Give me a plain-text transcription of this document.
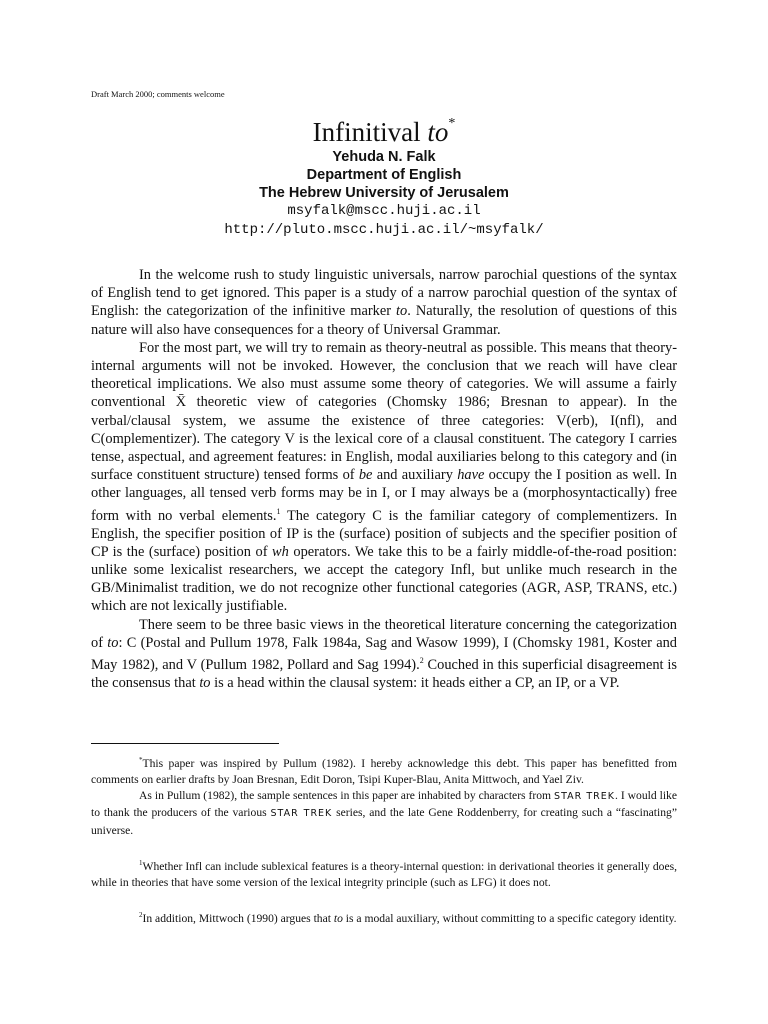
Draft March 2000; comments welcome
Infinitival to*
Yehuda N. Falk
Department of English
The Hebrew University of Jerusalem
msyfalk@mscc.huji.ac.il
http://pluto.mscc.huji.ac.il/~msyfalk/

In the welcome rush to study linguistic universals, narrow parochial questions of the syntax of English tend to get ignored. This paper is a study of a narrow parochial question of the syntax of English: the categorization of the infinitive marker to. Naturally, the resolution of questions of this nature will also have consequences for a theory of Universal Grammar.

For the most part, we will try to remain as theory-neutral as possible. This means that theory-internal arguments will not be invoked. However, the conclusion that we reach will have clear theoretical implications. We also must assume some theory of categories. We will assume a fairly conventional X̄ theoretic view of categories (Chomsky 1986; Bresnan to appear). In the verbal/clausal system, we assume the existence of three categories: V(erb), I(nfl), and C(omplementizer). The category V is the lexical core of a clausal constituent. The category I carries tense, aspectual, and agreement features: in English, modal auxiliaries belong to this category and (in surface constituent structure) tensed forms of be and auxiliary have occupy the I position as well. In other languages, all tensed verb forms may be in I, or I may always be a (morphosyntactically) free form with no verbal elements.$^1$ The category C is the familiar category of complementizers. In English, the specifier position of IP is the (surface) position of subjects and the specifier position of CP is the (surface) position of wh operators. We take this to be a fairly middle-of-the-road position: unlike some lexicalist researchers, we accept the category Infl, but unlike much research in the GB/Minimalist tradition, we do not recognize other functional categories (AGR, ASP, TRANS, etc.) which are not lexically justifiable.

There seem to be three basic views in the theoretical literature concerning the categorization of to: C (Postal and Pullum 1978, Falk 1984a, Sag and Wasow 1999), I (Chomsky 1981, Koster and May 1982), and V (Pullum 1982, Pollard and Sag 1994).$^2$ Couched in this superficial disagreement is the consensus that to is a head within the clausal system: it heads either a CP, an IP, or a VP.

*This paper was inspired by Pullum (1982). I hereby acknowledge this debt. This paper has benefitted from comments on earlier drafts by Joan Bresnan, Edit Doron, Tsipi Kuper-Blau, Anita Mittwoch, and Yael Ziv.

As in Pullum (1982), the sample sentences in this paper are inhabited by characters from STAR TREK. I would like to thank the producers of the various STAR TREK series, and the late Gene Roddenberry, for creating such a “fascinating” universe.

$^1$Whether Infl can include sublexical features is a theory-internal question: in derivational theories it generally does, while in theories that have some version of the lexical integrity principle (such as LFG) it does not.

$^2$In addition, Mittwoch (1990) argues that to is a modal auxiliary, without committing to a specific category identity.
